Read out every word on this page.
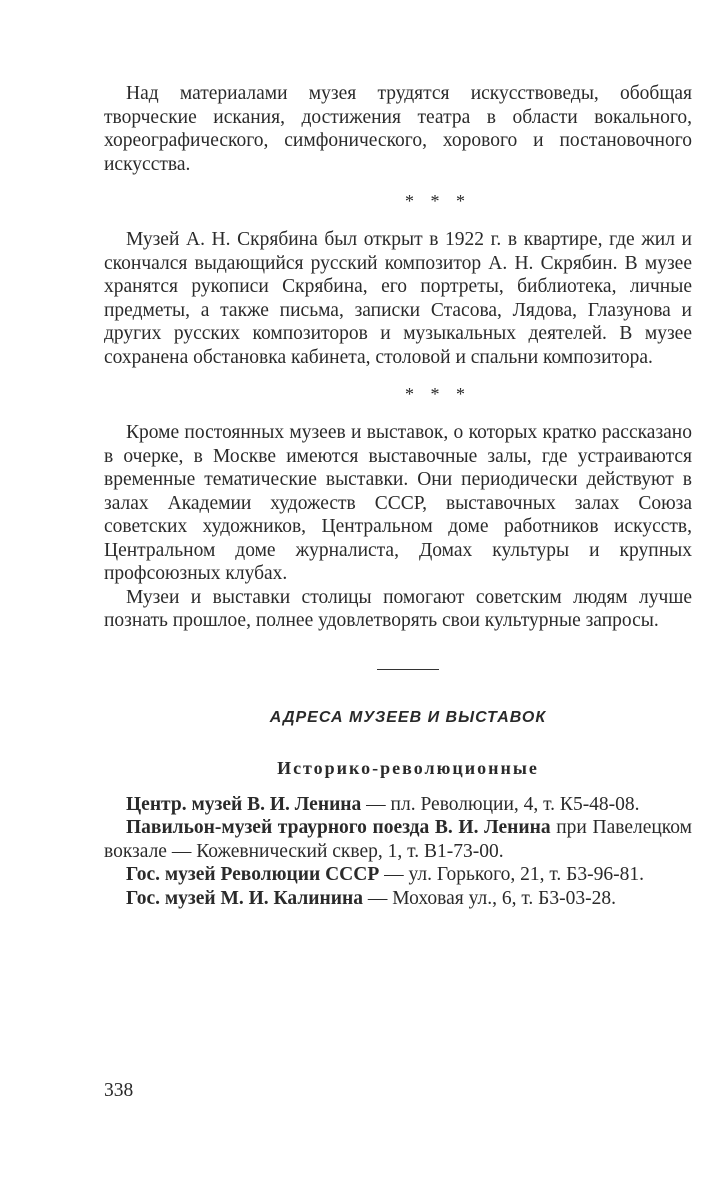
Над материалами музея трудятся искусствоведы, обобщая творческие искания, достижения театра в области вокального, хореографического, симфонического, хорового и постановочного искусства.

* * *

Музей А. Н. Скрябина был открыт в 1922 г. в квартире, где жил и скончался выдающийся русский композитор А. Н. Скрябин. В музее хранятся рукописи Скрябина, его портреты, библиотека, личные предметы, а также письма, записки Стасова, Лядова, Глазунова и других русских композиторов и музыкальных деятелей. В музее сохранена обстановка кабинета, столовой и спальни композитора.

* * *

Кроме постоянных музеев и выставок, о которых кратко рассказано в очерке, в Москве имеются выставочные залы, где устраиваются временные тематические выставки. Они периодически действуют в залах Академии художеств СССР, выставочных залах Союза советских художников, Центральном доме работников искусств, Центральном доме журналиста, Домах культуры и крупных профсоюзных клубах.

Музеи и выставки столицы помогают советским людям лучше познать прошлое, полнее удовлетворять свои культурные запросы.

АДРЕСА МУЗЕЕВ И ВЫСТАВОК
Историко-революционные

Центр. музей В. И. Ленина — пл. Революции, 4, т. К5-48-08.

Павильон-музей траурного поезда В. И. Ленина при Павелецком вокзале — Кожевнический сквер, 1, т. В1-73-00.

Гос. музей Революции СССР — ул. Горького, 21, т. Б3-96-81.

Гос. музей М. И. Калинина — Моховая ул., 6, т. Б3-03-28.

338
